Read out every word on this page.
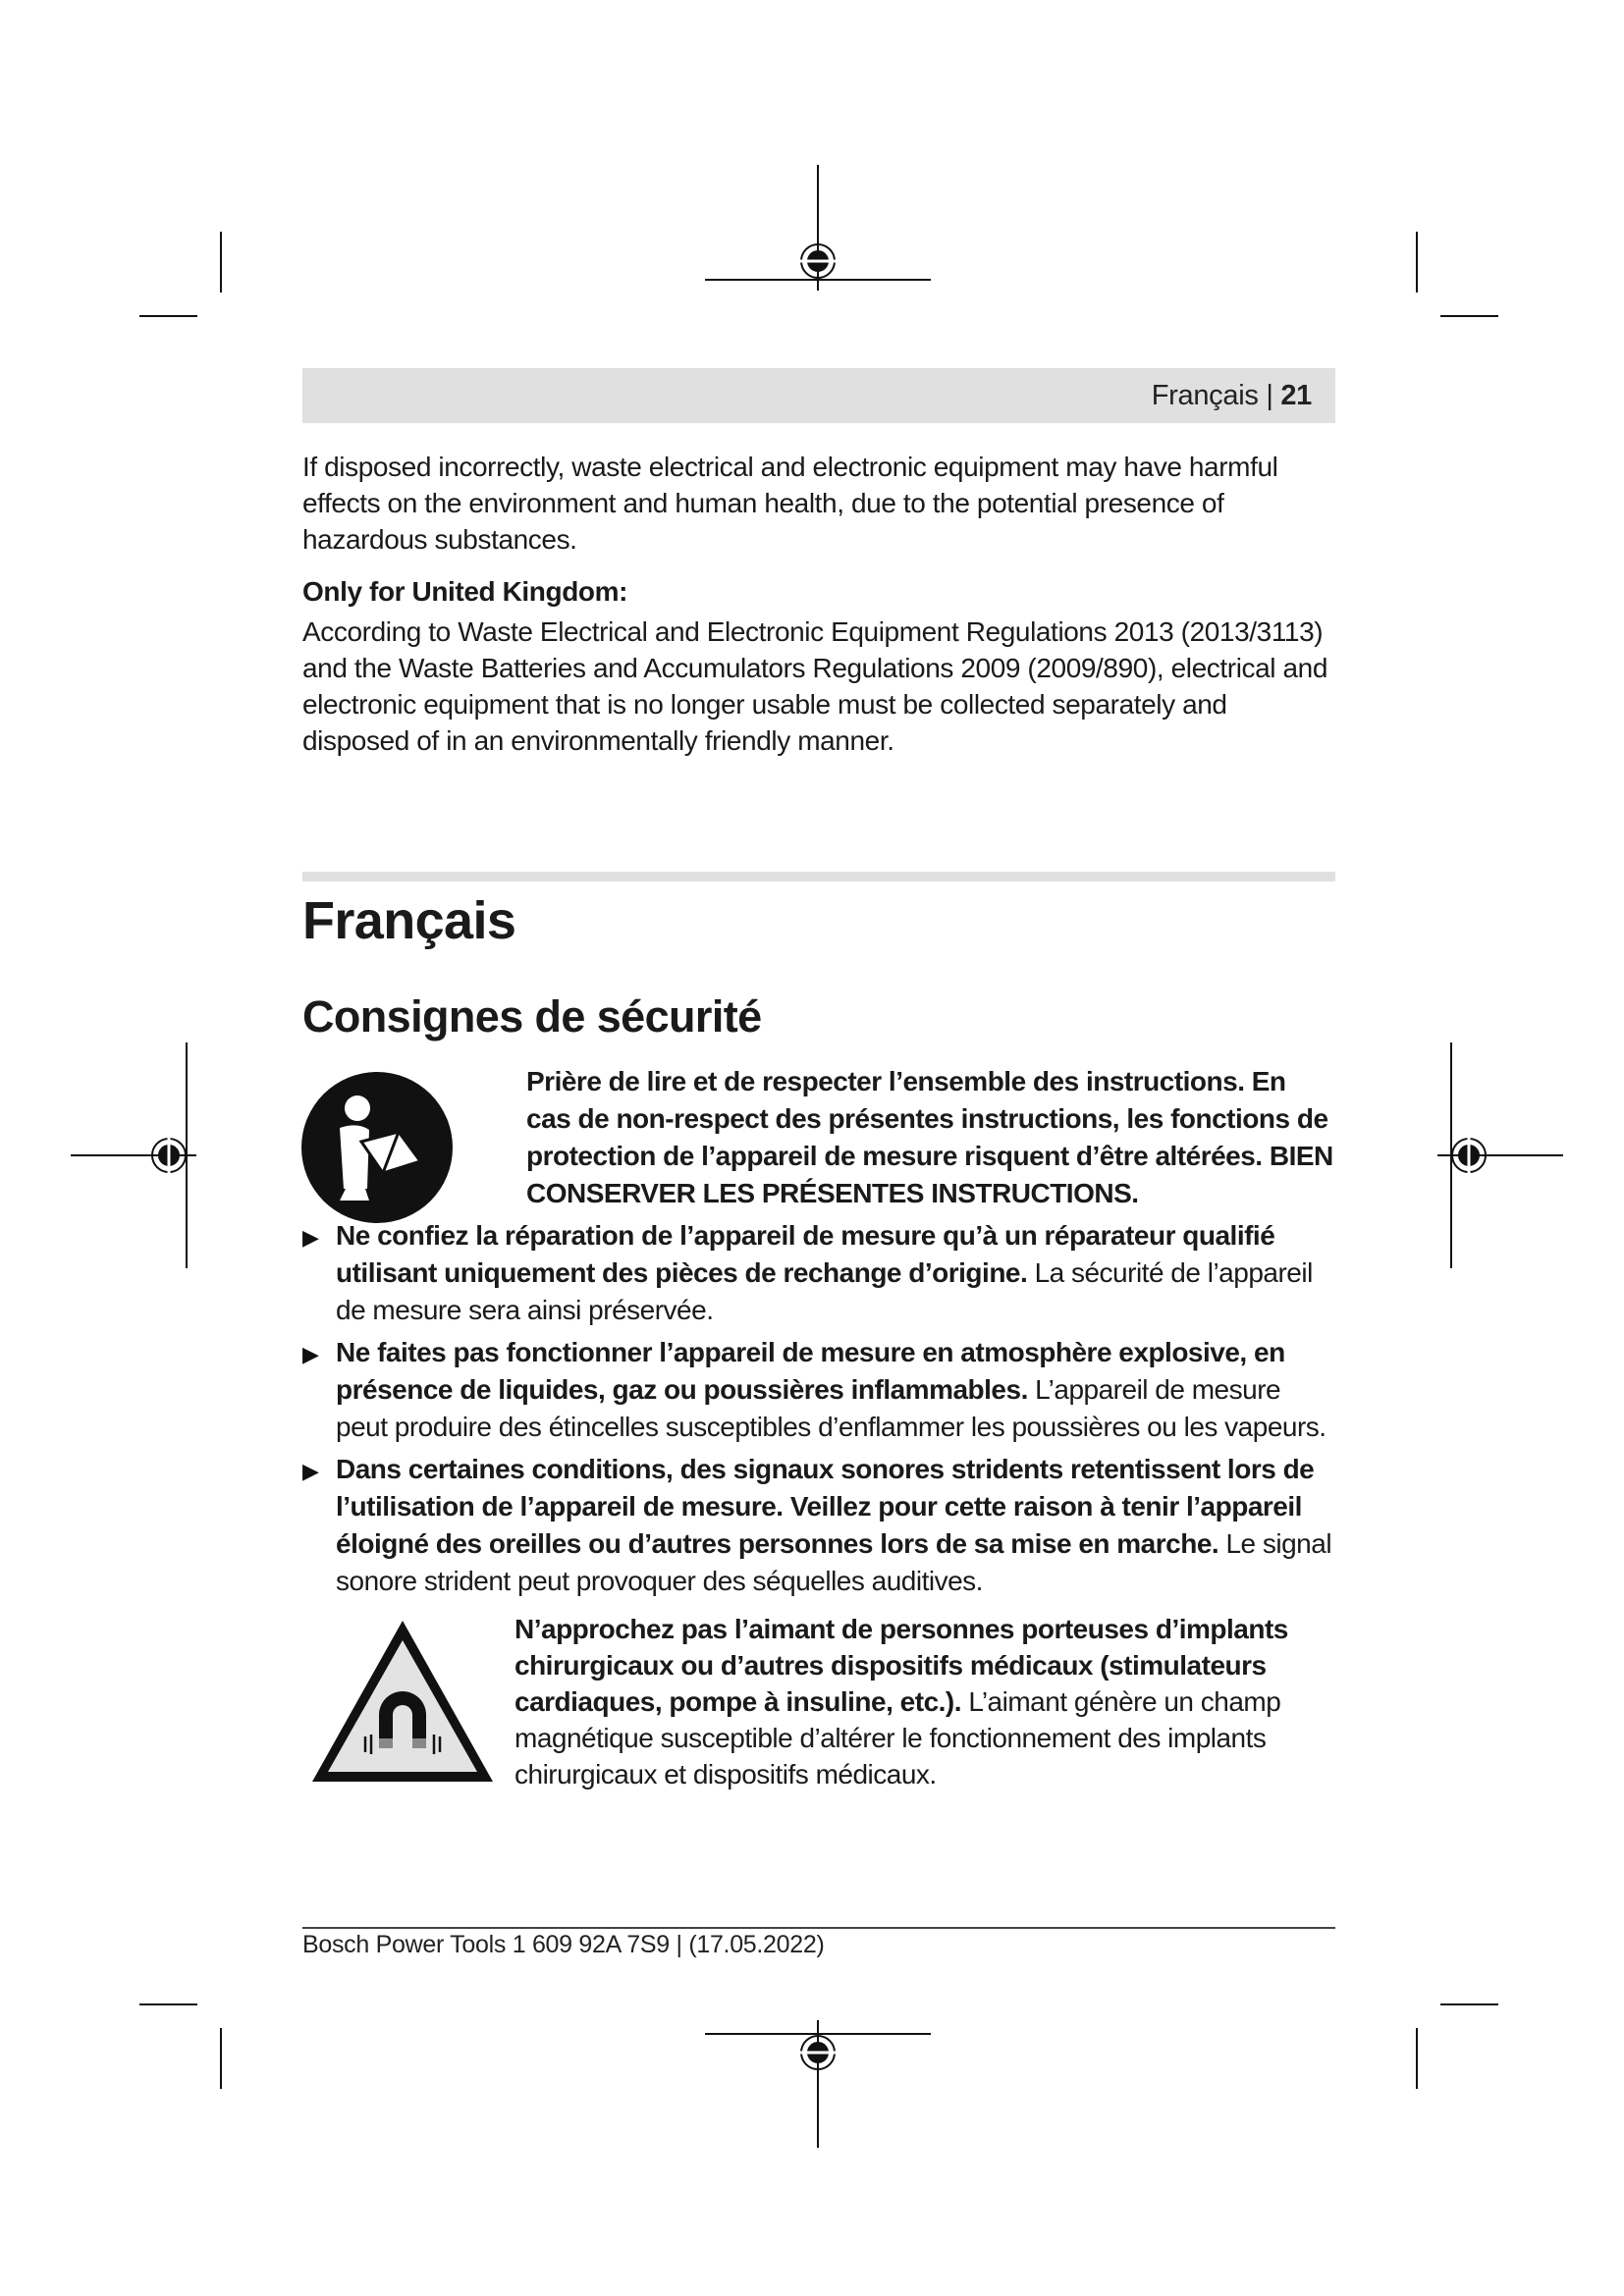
Français | 21

If disposed incorrectly, waste electrical and electronic equipment may have harmful effects on the environment and human health, due to the potential presence of hazardous substances.

Only for United Kingdom:

According to Waste Electrical and Electronic Equipment Regulations 2013 (2013/3113) and the Waste Batteries and Accumulators Regulations 2009 (2009/890), electrical and electronic equipment that is no longer usable must be collected separately and disposed of in an environmentally friendly manner.

Français
Consignes de sécurité
Prière de lire et de respecter l’ensemble des instructions. En cas de non-respect des présentes instructions, les fonctions de protection de l’appareil de mesure risquent d’être altérées. BIEN CONSERVER LES PRÉSENTES INSTRUCTIONS.
▶ Ne confiez la réparation de l’appareil de mesure qu’à un réparateur qualifié utilisant uniquement des pièces de rechange d’origine. La sécurité de l’appareil de mesure sera ainsi préservée.
▶ Ne faites pas fonctionner l’appareil de mesure en atmosphère explosive, en présence de liquides, gaz ou poussières inflammables. L’appareil de mesure peut produire des étincelles susceptibles d’enflammer les poussières ou les vapeurs.
▶ Dans certaines conditions, des signaux sonores stridents retentissent lors de l’utilisation de l’appareil de mesure. Veillez pour cette raison à tenir l’appareil éloigné des oreilles ou d’autres personnes lors de sa mise en marche. Le signal sonore strident peut provoquer des séquelles auditives.
N’approchez pas l’aimant de personnes porteuses d’implants chirurgicaux ou d’autres dispositifs médicaux (stimulateurs cardiaques, pompe à insuline, etc.). L’aimant génère un champ magnétique susceptible d’altérer le fonctionnement des implants chirurgicaux et dispositifs médicaux.
Bosch Power Tools 1 609 92A 7S9 | (17.05.2022)
